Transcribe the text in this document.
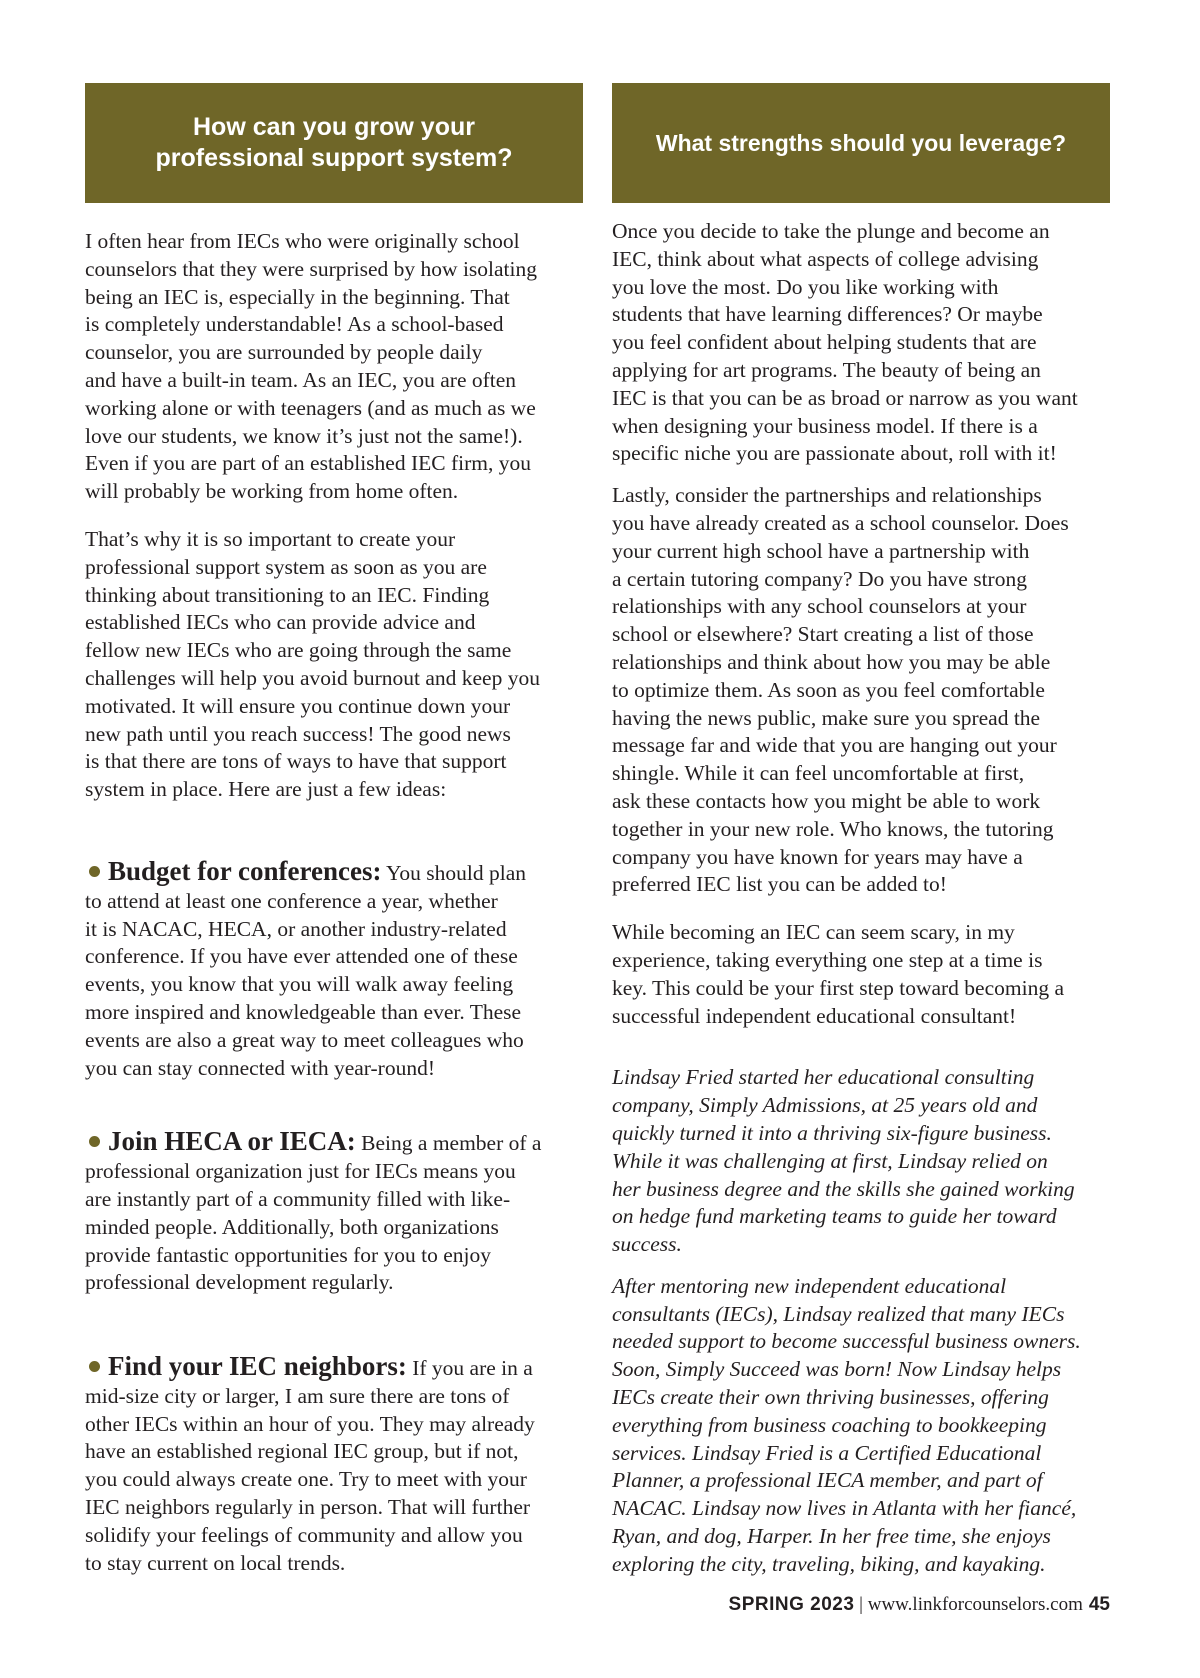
How can you grow your
professional support system?

I often hear from IECs who were originally school
counselors that they were surprised by how isolating
being an IEC is, especially in the beginning. That
is completely understandable! As a school-based
counselor, you are surrounded by people daily
and have a built-in team. As an IEC, you are often
working alone or with teenagers (and as much as we
love our students, we know it’s just not the same!).
Even if you are part of an established IEC firm, you
will probably be working from home often.

That’s why it is so important to create your
professional support system as soon as you are
thinking about transitioning to an IEC. Finding
established IECs who can provide advice and
fellow new IECs who are going through the same
challenges will help you avoid burnout and keep you
motivated. It will ensure you continue down your
new path until you reach success! The good news
is that there are tons of ways to have that support
system in place. Here are just a few ideas:

Budget for conferences: You should plan
to attend at least one conference a year, whether
it is NACAC, HECA, or another industry-related
conference. If you have ever attended one of these
events, you know that you will walk away feeling
more inspired and knowledgeable than ever. These
events are also a great way to meet colleagues who
you can stay connected with year-round!

Join HECA or IECA: Being a member of a
professional organization just for IECs means you
are instantly part of a community filled with like-
minded people. Additionally, both organizations
provide fantastic opportunities for you to enjoy
professional development regularly.

Find your IEC neighbors: If you are in a
mid-size city or larger, I am sure there are tons of
other IECs within an hour of you. They may already
have an established regional IEC group, but if not,
you could always create one. Try to meet with your
IEC neighbors regularly in person. That will further
solidify your feelings of community and allow you
to stay current on local trends.

What strengths should you leverage?

Once you decide to take the plunge and become an
IEC, think about what aspects of college advising
you love the most. Do you like working with
students that have learning differences? Or maybe
you feel confident about helping students that are
applying for art programs. The beauty of being an
IEC is that you can be as broad or narrow as you want
when designing your business model. If there is a
specific niche you are passionate about, roll with it!

Lastly, consider the partnerships and relationships
you have already created as a school counselor. Does
your current high school have a partnership with
a certain tutoring company? Do you have strong
relationships with any school counselors at your
school or elsewhere? Start creating a list of those
relationships and think about how you may be able
to optimize them. As soon as you feel comfortable
having the news public, make sure you spread the
message far and wide that you are hanging out your
shingle. While it can feel uncomfortable at first,
ask these contacts how you might be able to work
together in your new role. Who knows, the tutoring
company you have known for years may have a
preferred IEC list you can be added to!

While becoming an IEC can seem scary, in my
experience, taking everything one step at a time is
key. This could be your first step toward becoming a
successful independent educational consultant!

Lindsay Fried started her educational consulting
company, Simply Admissions, at 25 years old and
quickly turned it into a thriving six-figure business.
While it was challenging at first, Lindsay relied on
her business degree and the skills she gained working
on hedge fund marketing teams to guide her toward
success.

After mentoring new independent educational
consultants (IECs), Lindsay realized that many IECs
needed support to become successful business owners.
Soon, Simply Succeed was born! Now Lindsay helps
IECs create their own thriving businesses, offering
everything from business coaching to bookkeeping
services. Lindsay Fried is a Certified Educational
Planner, a professional IECA member, and part of
NACAC. Lindsay now lives in Atlanta with her fiancé,
Ryan, and dog, Harper. In her free time, she enjoys
exploring the city, traveling, biking, and kayaking.

SPRING 2023 | www.linkforcounselors.com 45
